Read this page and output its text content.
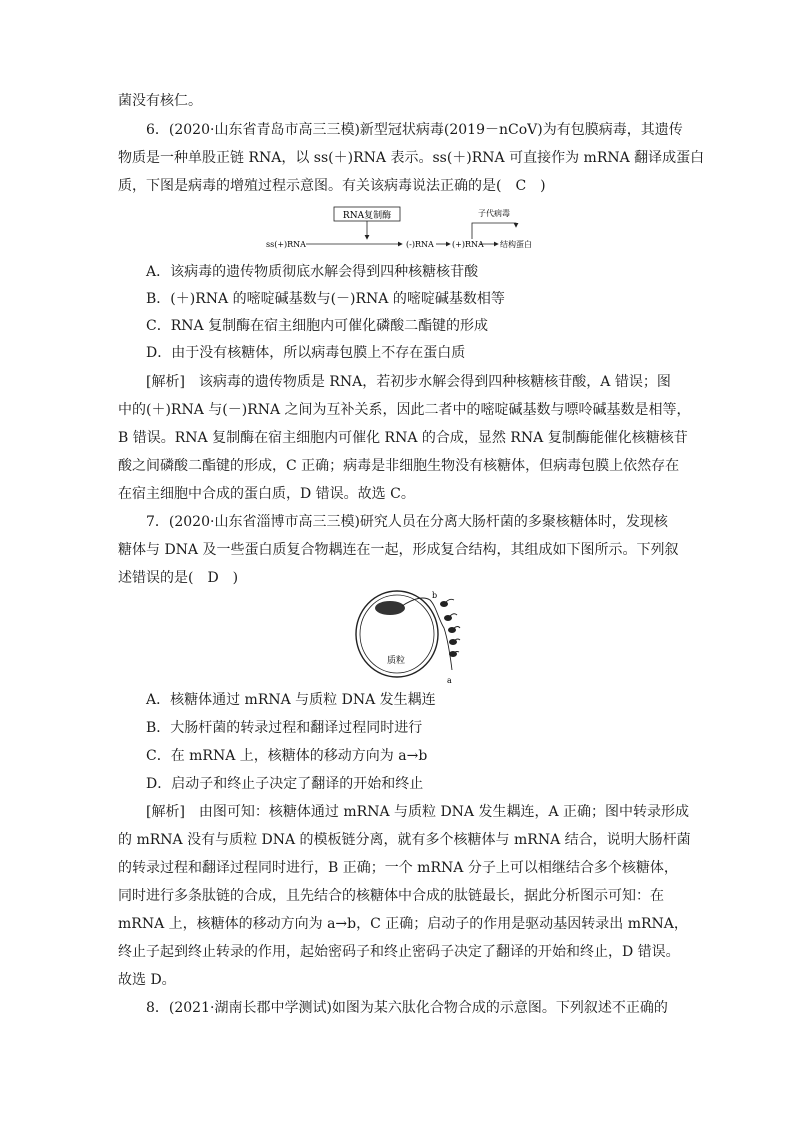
菌没有核仁。
6．(2020·山东省青岛市高三三模)新型冠状病毒(2019－nCoV)为有包膜病毒，其遗传
物质是一种单股正链 RNA，以 ss(＋)RNA 表示。ss(＋)RNA 可直接作为 mRNA 翻译成蛋白
质，下图是病毒的增殖过程示意图。有关该病毒说法正确的是(　C　)
RNA复制酶
ss(+)RNA	(-)RNA (+)RNA 结构蛋白
子代病毒
A．该病毒的遗传物质彻底水解会得到四种核糖核苷酸
B．(＋)RNA 的嘧啶碱基数与(－)RNA 的嘧啶碱基数相等
C．RNA 复制酶在宿主细胞内可催化磷酸二酯键的形成
D．由于没有核糖体，所以病毒包膜上不存在蛋白质
[解析]　该病毒的遗传物质是 RNA，若初步水解会得到四种核糖核苷酸，A 错误；图
中的(＋)RNA 与(－)RNA 之间为互补关系，因此二者中的嘧啶碱基数与嘌呤碱基数是相等，
B 错误。RNA 复制酶在宿主细胞内可催化 RNA 的合成，显然 RNA 复制酶能催化核糖核苷
酸之间磷酸二酯键的形成，C 正确；病毒是非细胞生物没有核糖体，但病毒包膜上依然存在
在宿主细胞中合成的蛋白质，D 错误。故选 C。
7．(2020·山东省淄博市高三三模)研究人员在分离大肠杆菌的多聚核糖体时，发现核
糖体与 DNA 及一些蛋白质复合物耦连在一起，形成复合结构，其组成如下图所示。下列叙
述错误的是(　D　)
b
a
质粒
A．核糖体通过 mRNA 与质粒 DNA 发生耦连
B．大肠杆菌的转录过程和翻译过程同时进行
C．在 mRNA 上，核糖体的移动方向为 a→b
D．启动子和终止子决定了翻译的开始和终止
[解析]　由图可知：核糖体通过 mRNA 与质粒 DNA 发生耦连，A 正确；图中转录形成
的 mRNA 没有与质粒 DNA 的模板链分离，就有多个核糖体与 mRNA 结合，说明大肠杆菌
的转录过程和翻译过程同时进行，B 正确；一个 mRNA 分子上可以相继结合多个核糖体，
同时进行多条肽链的合成，且先结合的核糖体中合成的肽链最长，据此分析图示可知：在
mRNA 上，核糖体的移动方向为 a→b，C 正确；启动子的作用是驱动基因转录出 mRNA，
终止子起到终止转录的作用，起始密码子和终止密码子决定了翻译的开始和终止，D 错误。
故选 D。
8．(2021·湖南长郡中学测试)如图为某六肽化合物合成的示意图。下列叙述不正确的
